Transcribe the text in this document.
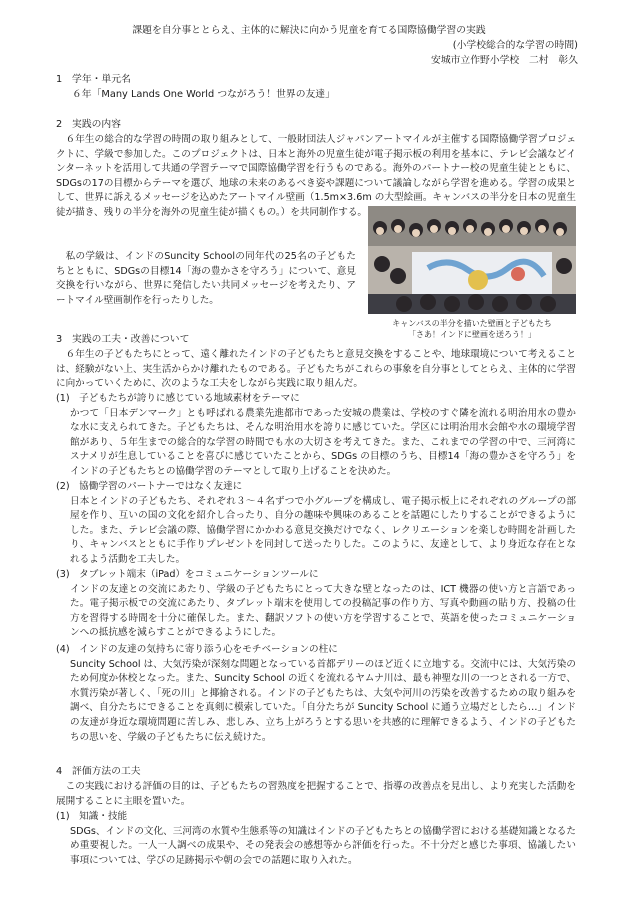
課題を自分事ととらえ、主体的に解決に向かう児童を育てる国際協働学習の実践
(小学校総合的な学習の時間)
安城市立作野小学校　二村　彰久
1　学年・単元名
６年「Many Lands One World つながろう！世界の友達」
2　実践の内容

６年生の総合的な学習の時間の取り組みとして、一般財団法人ジャパンアートマイルが主催する国際協働学習プロジェクトに、学級で参加した。このプロジェクトは、日本と海外の児童生徒が電子掲示板の利用を基本に、テレビ会議などインターネットを活用して共通の学習テーマで国際協働学習を行うものである。海外のパートナー校の児童生徒とともに、SDGsの17の目標からテーマを選び、地球の未来のあるべき姿や課題について議論しながら学習を進める。学習の成果として、世界に訴えるメッセージを込めたアートマイル壁画（1.5m×3.6m の大型絵画。キャンバスの半分を日本の児童生徒が描き、残りの半分を海外の児童生徒が描くもの。）を共同制作する。

私の学級は、インドのSuncity Schoolの同年代の25名の子どもたちとともに、SDGsの目標14「海の豊かさを守ろう」について、意見交換を行いながら、世界に発信したい共同メッセージを考えたり、アートマイル壁画制作を行ったりした。

キャンバスの半分を描いた壁画と子どもたち
「さあ！インドに壁画を送ろう！」
3　実践の工夫・改善について

６年生の子どもたちにとって、遠く離れたインドの子どもたちと意見交換をすることや、地球環境について考えることは、経験がない上、実生活からかけ離れたものである。子どもたちがこれらの事象を自分事としてとらえ、主体的に学習に向かっていくために、次のような工夫をしながら実践に取り組んだ。

(1)　子どもたちが誇りに感じている地域素材をテーマに
かつて「日本デンマーク」とも呼ばれる農業先進都市であった安城の農業は、学校のすぐ隣を流れる明治用水の豊かな水に支えられてきた。子どもたちは、そんな明治用水を誇りに感じていた。学区には明治用水会館や水の環境学習館があり、５年生までの総合的な学習の時間でも水の大切さを考えてきた。また、これまでの学習の中で、三河湾にスナメリが生息していることを喜びに感じていたことから、SDGs の目標のうち、目標14「海の豊かさを守ろう」をインドの子どもたちとの協働学習のテーマとして取り上げることを決めた。
(2)　協働学習のパートナーではなく友達に
日本とインドの子どもたち、それぞれ３～４名ずつで小グループを構成し、電子掲示板上にそれぞれのグループの部屋を作り、互いの国の文化を紹介し合ったり、自分の趣味や興味のあることを話題にしたりすることができるようにした。また、テレビ会議の際、協働学習にかかわる意見交換だけでなく、レクリエーションを楽しむ時間を計画したり、キャンバスとともに手作りプレゼントを同封して送ったりした。このように、友達として、より身近な存在となれるよう活動を工夫した。
(3)　タブレット端末（iPad）をコミュニケーションツールに
インドの友達との交流にあたり、学級の子どもたちにとって大きな壁となったのは、ICT 機器の使い方と言語であった。電子掲示板での交流にあたり、タブレット端末を使用しての投稿記事の作り方、写真や動画の貼り方、投稿の仕方を習得する時間を十分に確保した。また、翻訳ソフトの使い方を学習することで、英語を使ったコミュニケーションへの抵抗感を減らすことができるようにした。
(4)　インドの友達の気持ちに寄り添う心をモチベーションの柱に
Suncity School は、大気汚染が深刻な問題となっている首都デリーのほど近くに立地する。交流中には、大気汚染のため何度か休校となった。また、Suncity School の近くを流れるヤムナ川は、最も神聖な川の一つとされる一方で、水質汚染が著しく、「死の川」と揶揄される。インドの子どもたちは、大気や河川の汚染を改善するための取り組みを調べ、自分たちにできることを真剣に模索していた。「自分たちが Suncity School に通う立場だとしたら…」インドの友達が身近な環境問題に苦しみ、悲しみ、立ち上がろうとする思いを共感的に理解できるよう、インドの子どもたちの思いを、学級の子どもたちに伝え続けた。
4　評価方法の工夫

この実践における評価の目的は、子どもたちの習熟度を把握することで、指導の改善点を見出し、より充実した活動を展開することに主眼を置いた。

(1)　知識・技能
SDGs、インドの文化、三河湾の水質や生態系等の知識はインドの子どもたちとの協働学習における基礎知識となるため重要視した。一人一人調べの成果や、その発表会の感想等から評価を行った。不十分だと感じた事項、協議したい事項については、学びの足跡掲示や朝の会での話題に取り入れた。
